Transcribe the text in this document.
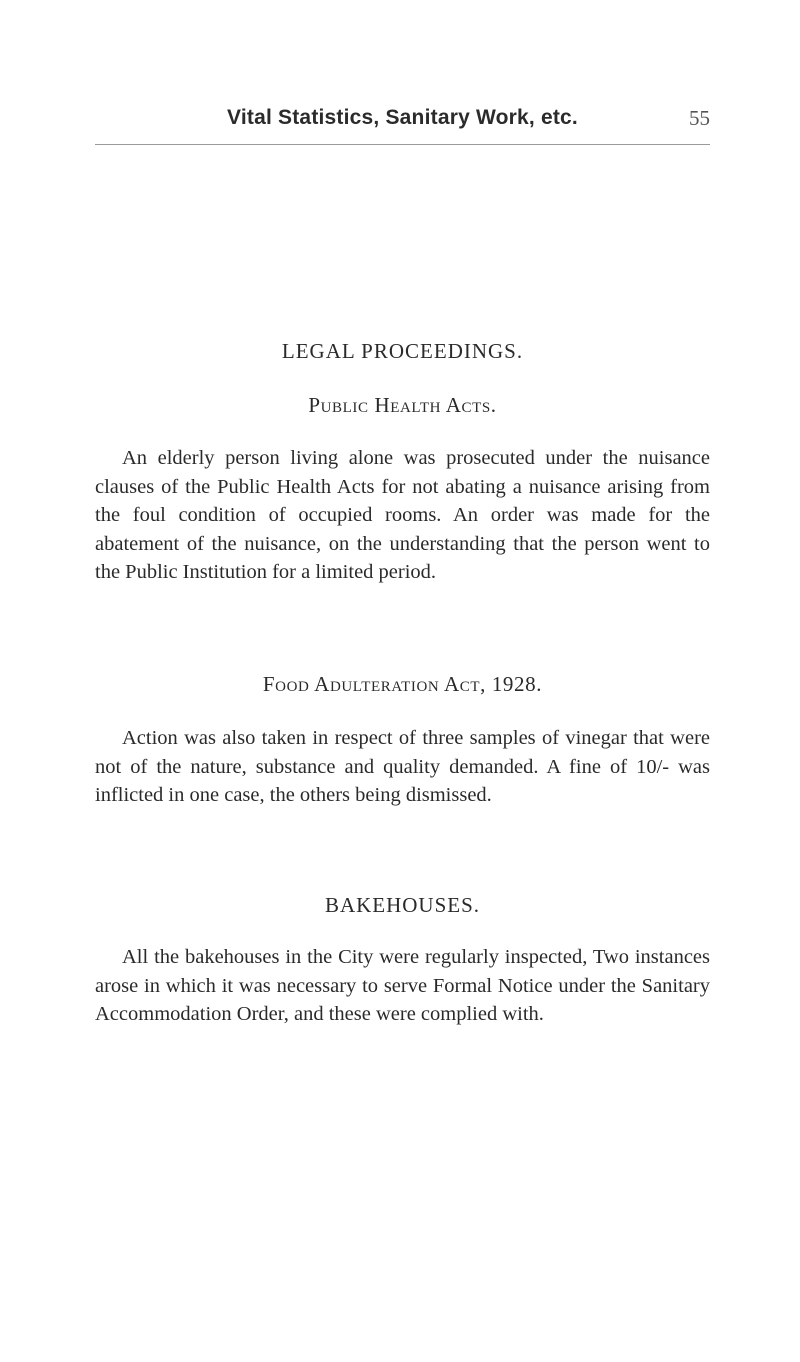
Vital Statistics, Sanitary Work, etc.	55
LEGAL PROCEEDINGS.
Public Health Acts.

An elderly person living alone was prosecuted under the nuisance clauses of the Public Health Acts for not abating a nuisance arising from the foul condition of occupied rooms. An order was made for the abatement of the nuisance, on the understanding that the person went to the Public Institution for a limited period.

Food Adulteration Act, 1928.

Action was also taken in respect of three samples of vinegar that were not of the nature, substance and quality demanded. A fine of 10/- was inflicted in one case, the others being dismissed.

BAKEHOUSES.

All the bakehouses in the City were regularly inspected, Two instances arose in which it was necessary to serve Formal Notice under the Sanitary Accommodation Order, and these were complied with.
